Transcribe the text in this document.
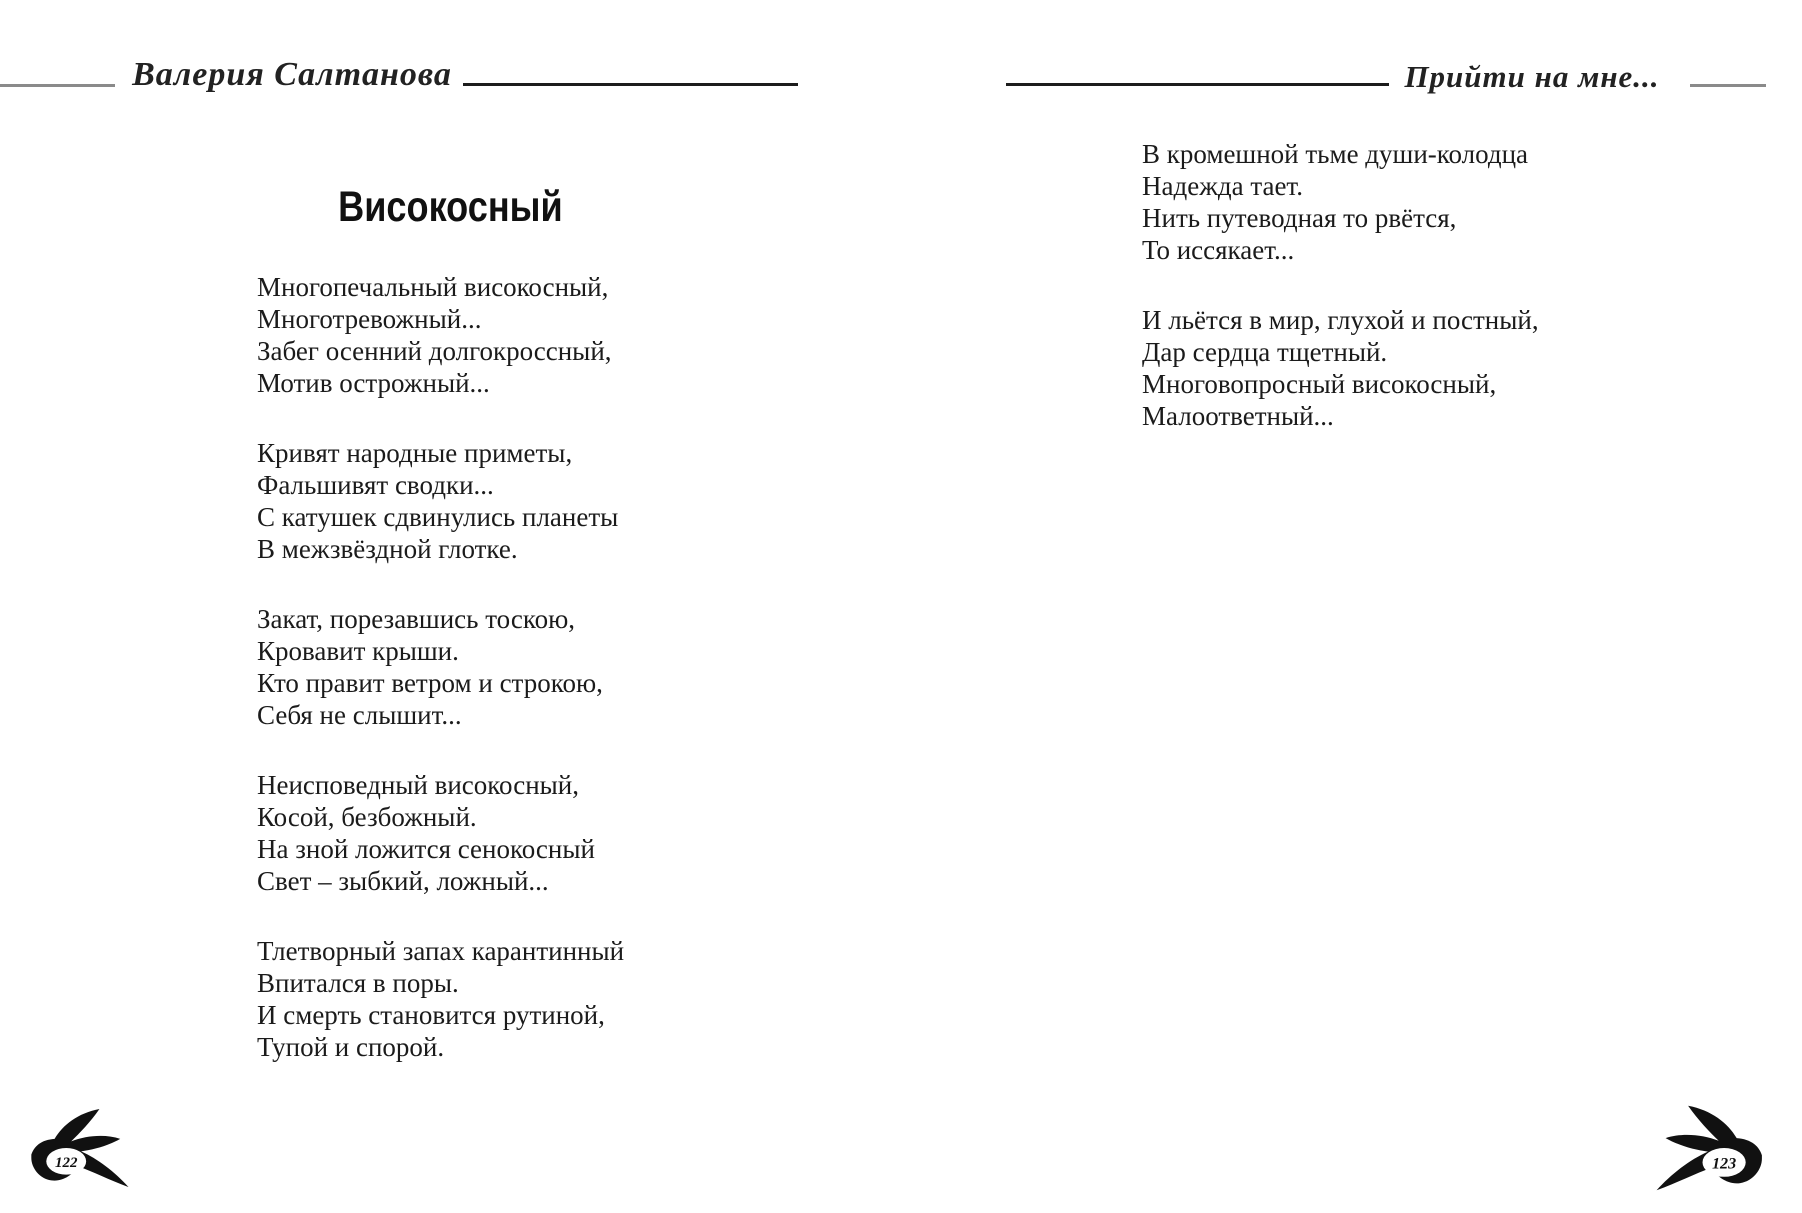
Валерия Салтанова	Прийти на мне...
Високосный
Многопечальный високосный,
Многотревожный...
Забег осенний долгокроссный,
Мотив острожный...
Кривят народные приметы,
Фальшивят сводки...
С катушек сдвинулись планеты
В межзвёздной глотке.
Закат, порезавшись тоскою,
Кровавит крыши.
Кто правит ветром и строкою,
Себя не слышит...
Неисповедный високосный,
Косой, безбожный.
На зной ложится сенокосный
Свет – зыбкий, ложный...
Тлетворный запах карантинный
Впитался в поры.
И смерть становится рутиной,
Тупой и спорой.
В кромешной тьме души-колодца
Надежда тает.
Нить путеводная то рвётся,
То иссякает...
И льётся в мир, глухой и постный,
Дар сердца тщетный.
Многовопросный високосный,
Малоответный...
122	123
